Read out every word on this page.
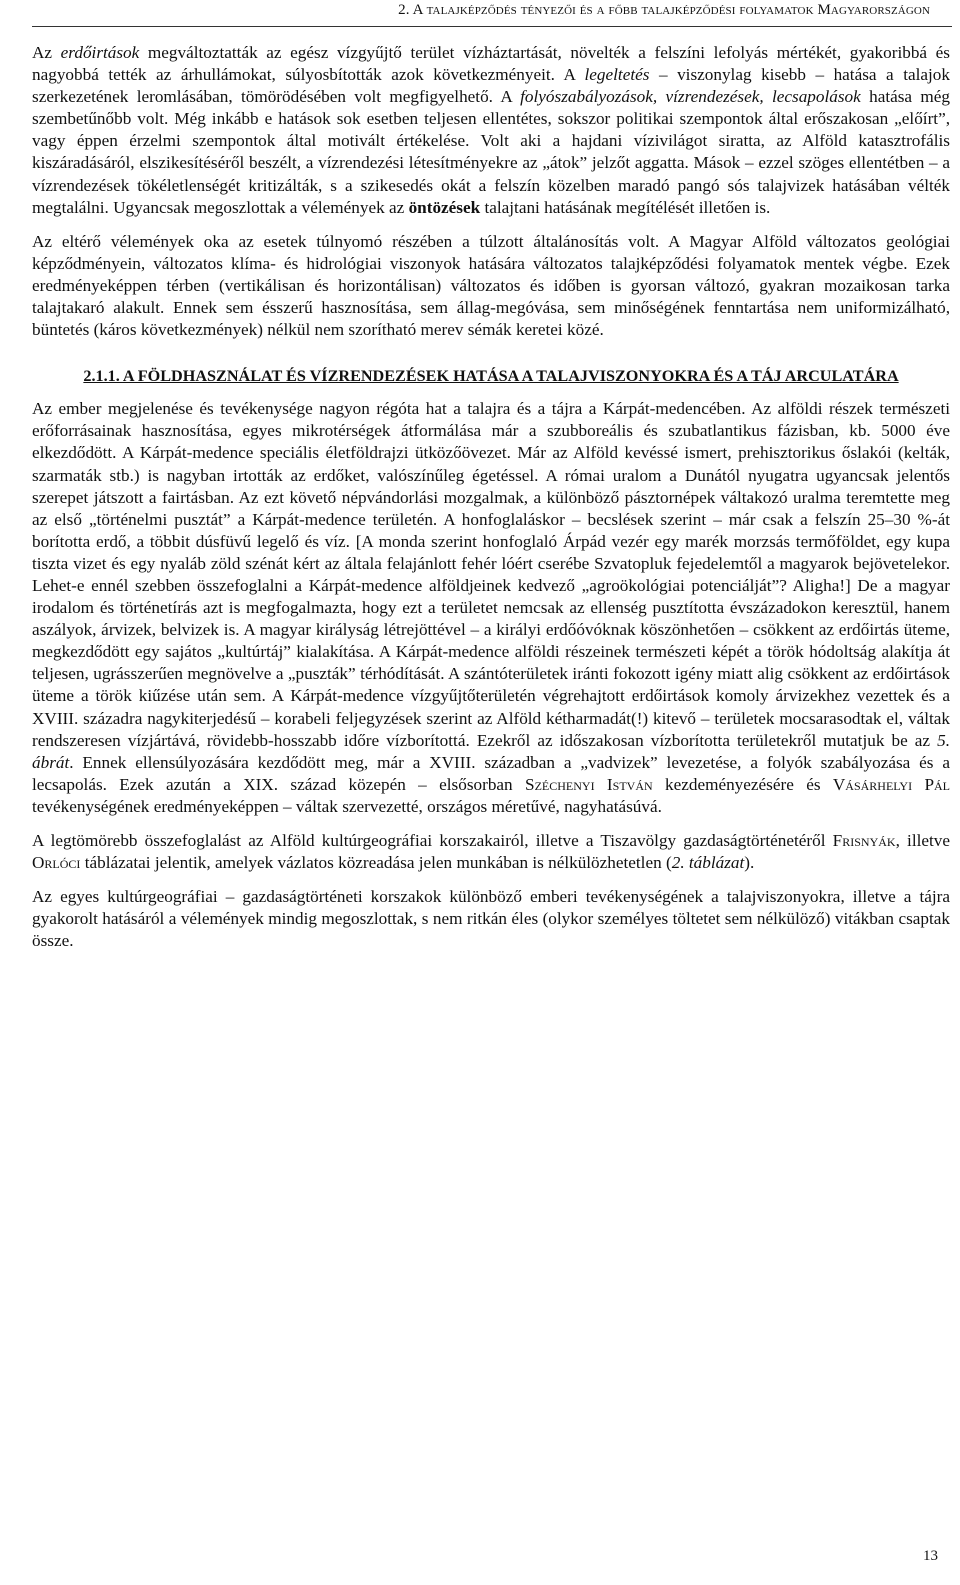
2. A talajképződés tényezői és a főbb talajképződési folyamatok Magyarországon

Az erdőirtások megváltoztatták az egész vízgyűjtő terület vízháztartását, növelték a felszíni lefolyás mértékét, gyakoribbá és nagyobbá tették az árhullámokat, súlyosbították azok következményeit. A legeltetés – viszonylag kisebb – hatása a talajok szerkezetének leromlásában, tömörödésében volt megfigyelhető. A folyószabályozások, vízrendezések, lecsapolások hatása még szembetűnőbb volt. Még inkább e hatások sok esetben teljesen ellentétes, sokszor politikai szempontok által erőszakosan „előírt”, vagy éppen érzelmi szempontok által motivált értékelése. Volt aki a hajdani vízivilágot siratta, az Alföld katasztrofális kiszáradásáról, elszikesítéséről beszélt, a vízrendezési létesítményekre az „átok” jelzőt aggatta. Mások – ezzel szöges ellentétben – a vízrendezések tökéletlenségét kritizálták, s a szikesedés okát a felszín közelben maradó pangó sós talajvizek hatásában vélték megtalálni. Ugyancsak megoszlottak a vélemények az öntözések talajtani hatásának megítélését illetően is.

Az eltérő vélemények oka az esetek túlnyomó részében a túlzott általánosítás volt. A Magyar Alföld változatos geológiai képződményein, változatos klíma- és hidrológiai viszonyok hatására változatos talajképződési folyamatok mentek végbe. Ezek eredményeképpen térben (vertikálisan és horizontálisan) változatos és időben is gyorsan változó, gyakran mozaikosan tarka talajtakaró alakult. Ennek sem ésszerű hasznosítása, sem állag-megóvása, sem minőségének fenntartása nem uniformizálható, büntetés (káros következmények) nélkül nem szorítható merev sémák keretei közé.

2.1.1. A FÖLDHASZNÁLAT ÉS VÍZRENDEZÉSEK HATÁSA A TALAJVISZONYOKRA ÉS A TÁJ ARCULATÁRA

Az ember megjelenése és tevékenysége nagyon régóta hat a talajra és a tájra a Kárpát-medencében. Az alföldi részek természeti erőforrásainak hasznosítása, egyes mikrotérségek átformálása már a szubboreális és szubatlantikus fázisban, kb. 5000 éve elkezdődött. A Kárpát-medence speciális életföldrajzi ütközőövezet. Már az Alföld kevéssé ismert, prehisztorikus őslakói (kelták, szarmaták stb.) is nagyban irtották az erdőket, valószínűleg égetéssel. A római uralom a Dunától nyugatra ugyancsak jelentős szerepet játszott a fairtásban. Az ezt követő népvándorlási mozgalmak, a különböző pásztornépek váltakozó uralma teremtette meg az első „történelmi pusztát” a Kárpát-medence területén. A honfoglaláskor – becslések szerint – már csak a felszín 25–30 %-át borította erdő, a többit dúsfüvű legelő és víz. [A monda szerint honfoglaló Árpád vezér egy marék morzsás termőföldet, egy kupa tiszta vizet és egy nyaláb zöld szénát kért az általa felajánlott fehér lóért cserébe Szvatopluk fejedelemtől a magyarok bejövetelekor. Lehet-e ennél szebben összefoglalni a Kárpát-medence alföldjeinek kedvező „agroökológiai potenciálját”? Aligha!] De a magyar irodalom és történetírás azt is megfogalmazta, hogy ezt a területet nemcsak az ellenség pusztította évszázadokon keresztül, hanem aszályok, árvizek, belvizek is. A magyar királyság létrejöttével – a királyi erdőóvóknak köszönhetően – csökkent az erdőirtás üteme, megkezdődött egy sajátos „kultúrtáj” kialakítása. A Kárpát-medence alföldi részeinek természeti képét a török hódoltság alakítja át teljesen, ugrásszerűen megnövelve a „puszták” térhódítását. A szántóterületek iránti fokozott igény miatt alig csökkent az erdőirtások üteme a török kiűzése után sem. A Kárpát-medence vízgyűjtőterületén végrehajtott erdőirtások komoly árvizekhez vezettek és a XVIII. századra nagykiterjedésű – korabeli feljegyzések szerint az Alföld kétharmadát(!) kitevő – területek mocsarasodtak el, váltak rendszeresen vízjártává, rövidebb-hosszabb időre vízborítottá. Ezekről az időszakosan vízborította területekről mutatjuk be az 5. ábrát. Ennek ellensúlyozására kezdődött meg, már a XVIII. században a „vadvizek” levezetése, a folyók szabályozása és a lecsapolás. Ezek azután a XIX. század közepén – elsősorban Széchenyi István kezdeményezésére és Vásárhelyi Pál tevékenységének eredményeképpen – váltak szervezetté, országos méretűvé, nagyhatásúvá.

A legtömörebb összefoglalást az Alföld kultúrgeográfiai korszakairól, illetve a Tiszavölgy gazdaságtörténetéről Frisnyák, illetve Orlóci táblázatai jelentik, amelyek vázlatos közreadása jelen munkában is nélkülözhetetlen (2. táblázat).

Az egyes kultúrgeográfiai – gazdaságtörténeti korszakok különböző emberi tevékenységének a talajviszonyokra, illetve a tájra gyakorolt hatásáról a vélemények mindig megoszlottak, s nem ritkán éles (olykor személyes töltetet sem nélkülöző) vitákban csaptak össze.

13
